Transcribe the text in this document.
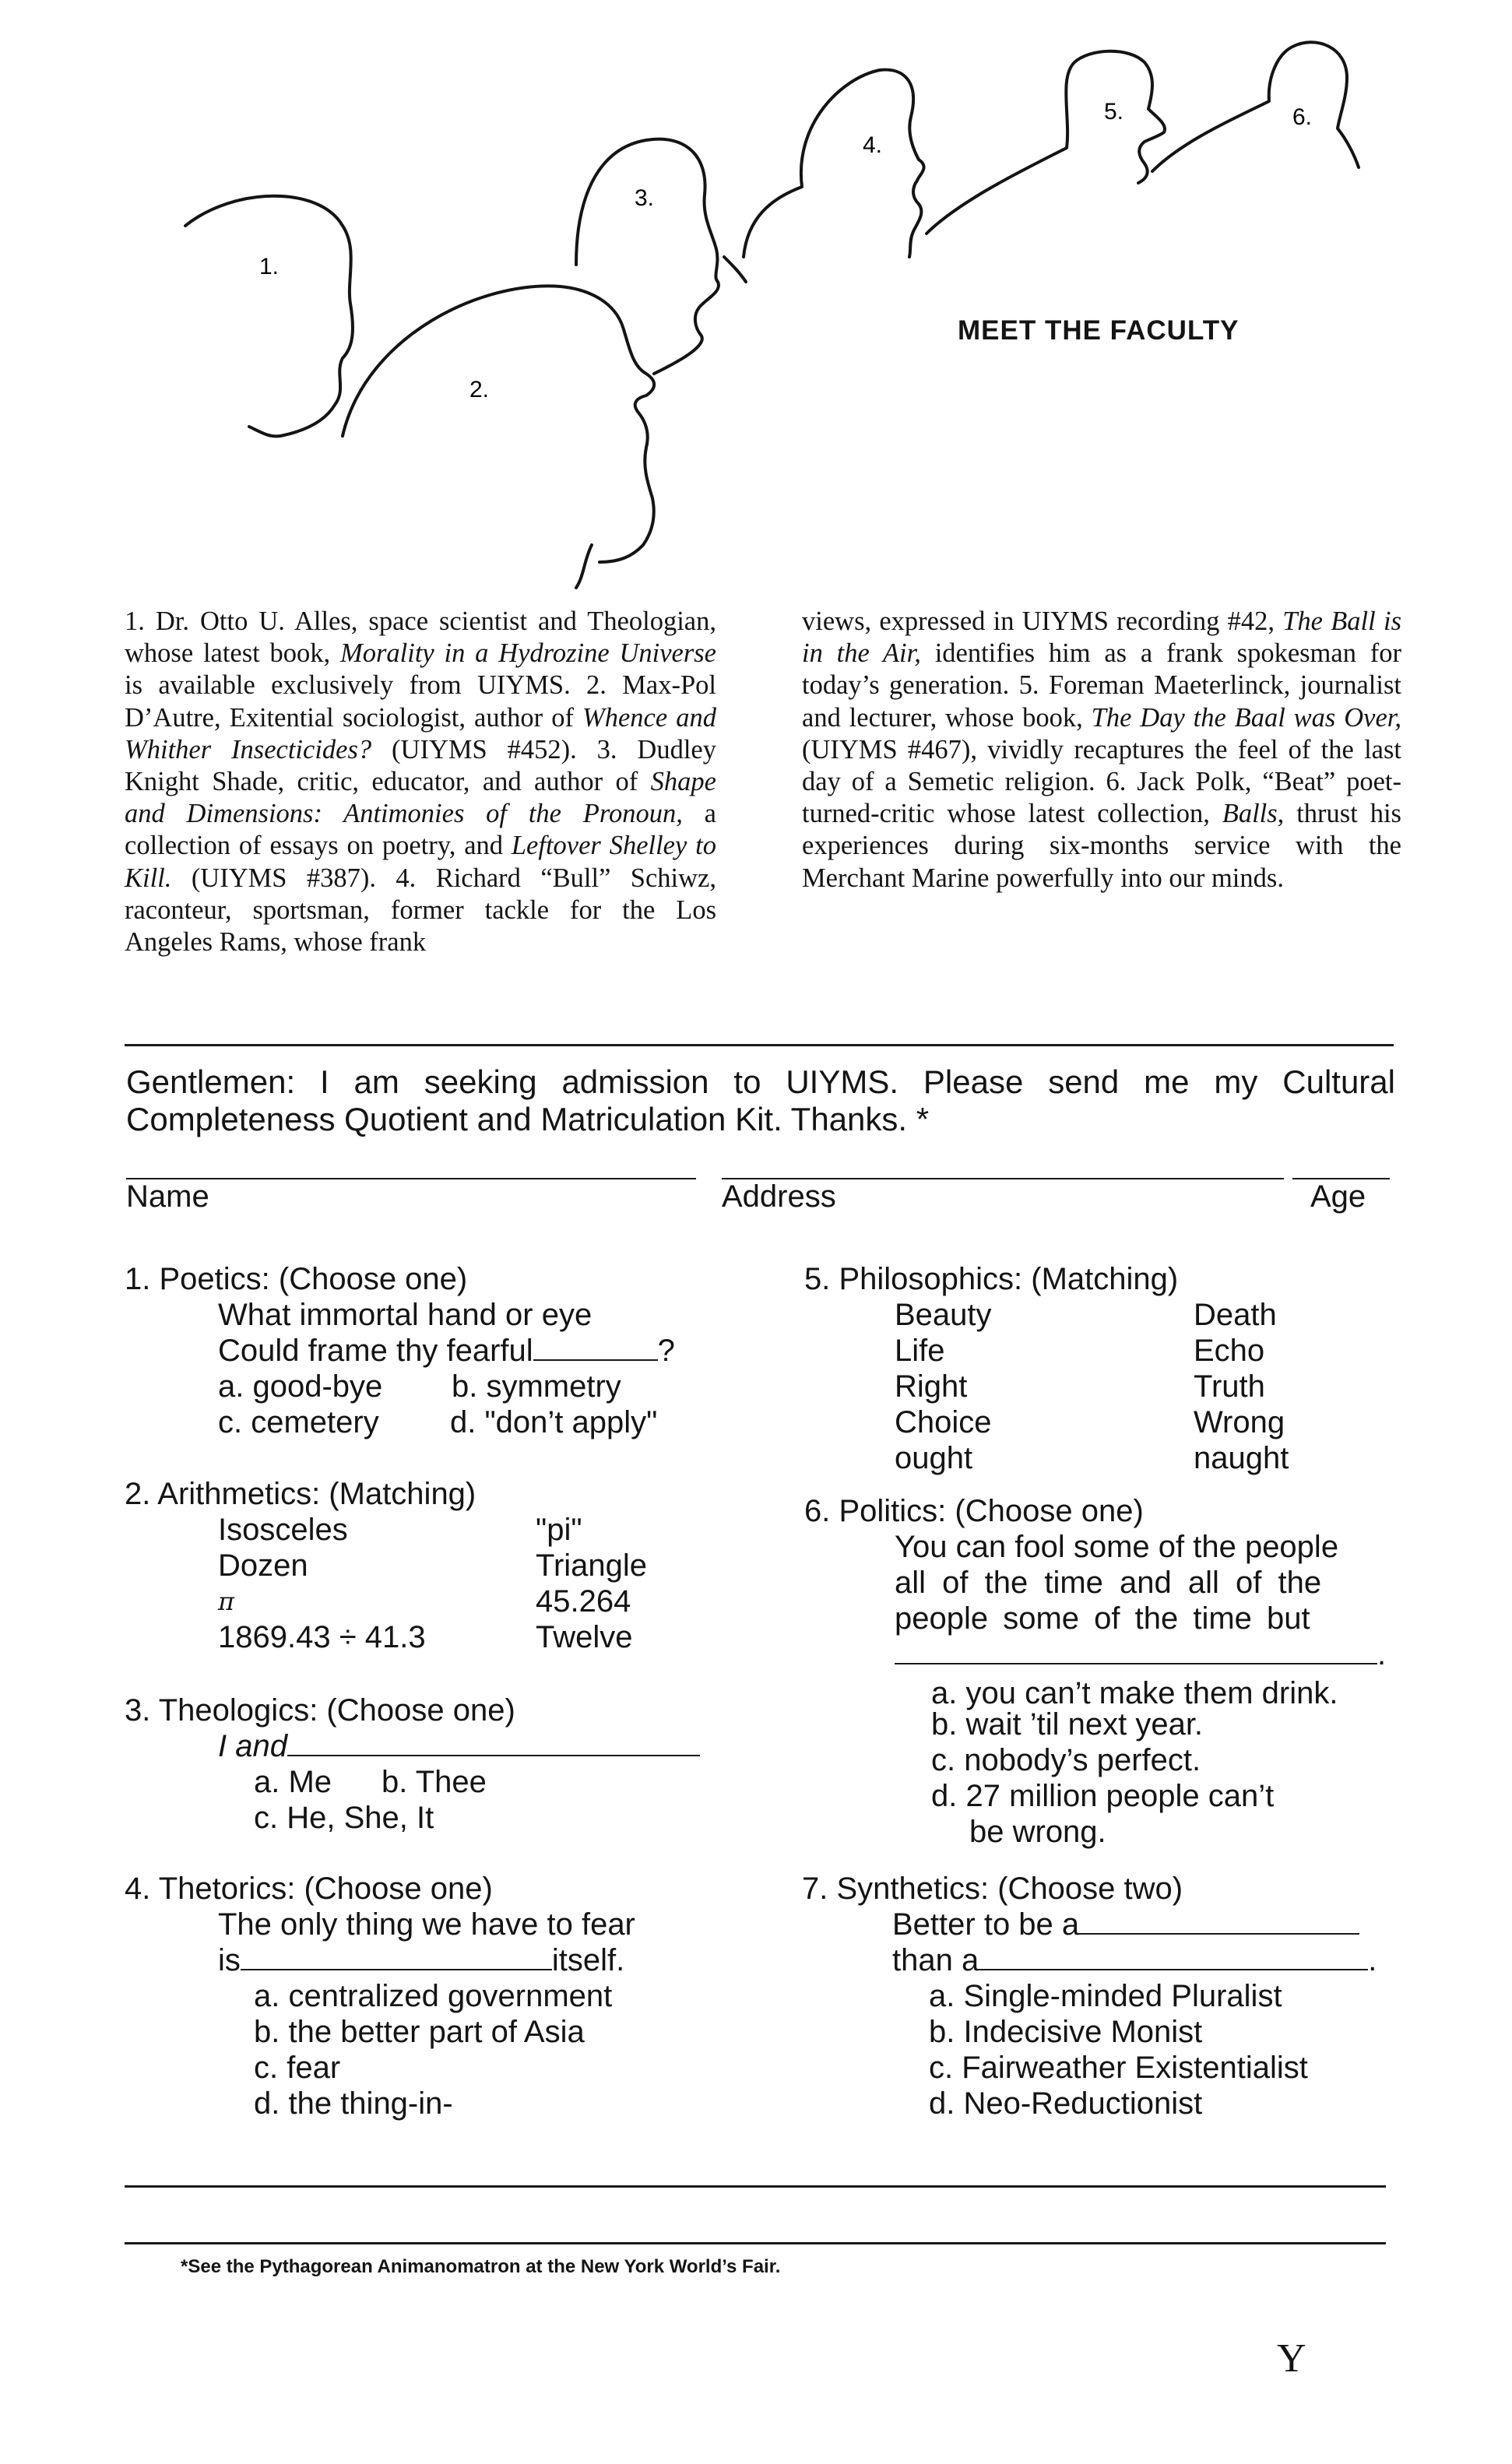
1.
2.
3.
4.
5.	6.
MEET THE FACULTY

1. Dr. Otto U. Alles, space scientist and Theologian, whose latest book, Morality in a Hydrozine Universe is available exclusively from UIYMS. 2. Max-Pol D’Autre, Exitential sociologist, author of Whence and Whither Insecticides? (UIYMS #452). 3. Dudley Knight Shade, critic, educator, and author of Shape and Dimensions: Antimonies of the Pronoun, a collection of essays on poetry, and Leftover Shelley to Kill. (UIYMS #387). 4. Richard “Bull” Schiwz, raconteur, sportsman, former tackle for the Los Angeles Rams, whose frank

views, expressed in UIYMS recording #42, The Ball is in the Air, identifies him as a frank spokesman for today’s generation. 5. Foreman Maeterlinck, journalist and lecturer, whose book, The Day the Baal was Over, (UIYMS #467), vividly recaptures the feel of the last day of a Semetic religion. 6. Jack Polk, “Beat” poet-turned-critic whose latest collection, Balls, thrust his experiences during six-months service with the Merchant Marine powerfully into our minds.

Gentlemen: I am seeking admission to UIYMS. Please send me my Cultural Completeness Quotient and Matriculation Kit. Thanks. *
Name	Address	Age
1. Poetics: (Choose one)
What immortal hand or eye
Could frame thy fearful	?
a. good-bye b. symmetry
c. cemetery d. "don’t apply"
2. Arithmetics: (Matching)
Isosceles	"pi"
Dozen	Triangle
π	45.264
1869.43 ÷ 41.3	Twelve
3. Theologics: (Choose one)
I and
a. Me b. Thee
c. He, She, It
4. Thetorics: (Choose one)
The only thing we have to fear
is	itself.
a. centralized government
b. the better part of Asia
c. fear
d. the thing-in-
5. Philosophics: (Matching)
Beauty	Death
Life	Echo
Right	Truth
Choice	Wrong
ought	naught
6. Politics: (Choose one)
You can fool some of the people
all of the time and all of the
people some of the time but
.
a. you can’t make them drink.
b. wait ’til next year.
c. nobody’s perfect.
d. 27 million people can’t
be wrong.
7. Synthetics: (Choose two)
Better to be a
than a	.
a. Single-minded Pluralist
b. Indecisive Monist
c. Fairweather Existentialist
d. Neo-Reductionist
*See the Pythagorean Animanomatron at the New York World’s Fair.
Y
